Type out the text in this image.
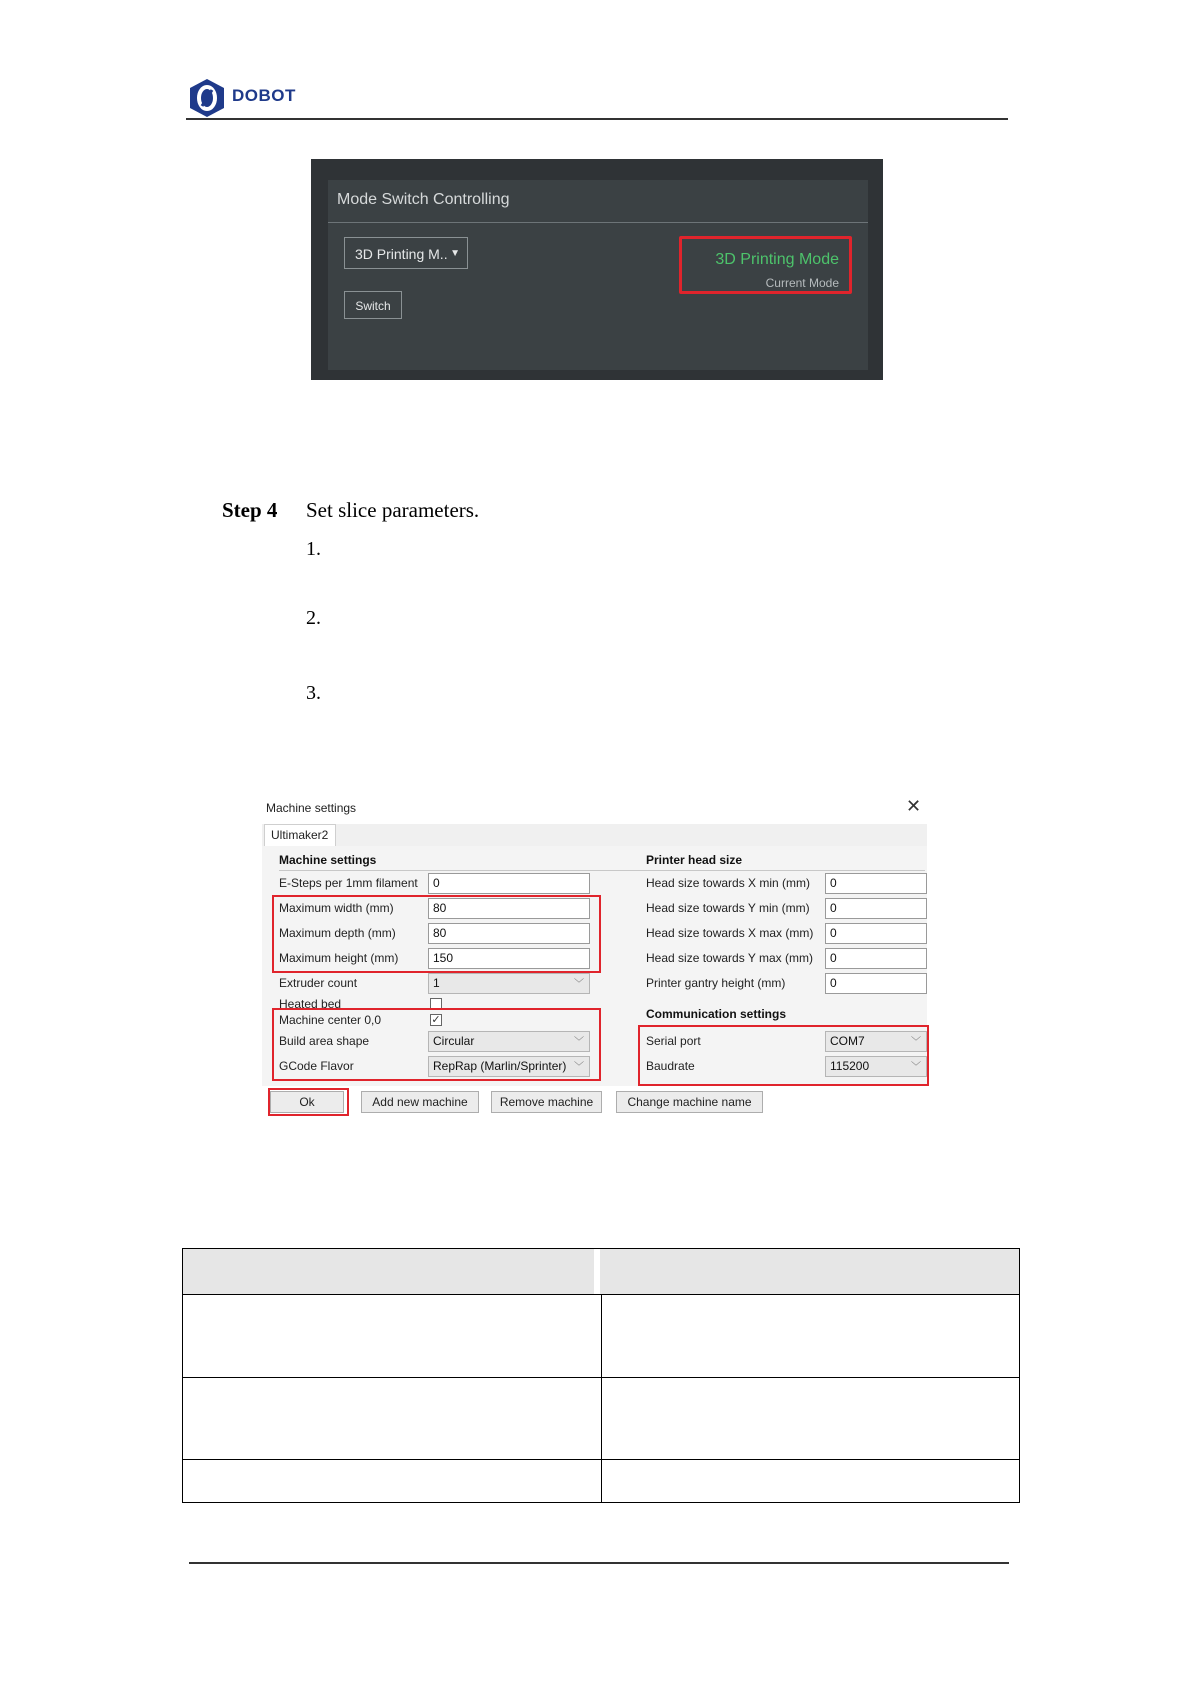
DOBOT
Mode Switch Controlling
3D Printing M.. ▼
Switch
3D Printing Mode
Current Mode
Step 4 Set slice parameters.
1.
2.
3.
Machine settings	✕
Ultimaker2
Machine settings
E-Steps per 1mm filament	0
Maximum width (mm)	80
Maximum depth (mm)	80
Maximum height (mm)	150
Extruder count	1	﹀
Heated bed
Machine center 0,0	✓
Build area shape	Circular	﹀
GCode Flavor	RepRap (Marlin/Sprinter) ﹀
Printer head size
Head size towards X min (mm)	0
Head size towards Y min (mm)	0
Head size towards X max (mm)	0
Head size towards Y max (mm)	0
Printer gantry height (mm)	0
Communication settings
Serial port	COM7	﹀
Baudrate	115200	﹀
Ok	Add new machine	Remove machine	Change machine name
